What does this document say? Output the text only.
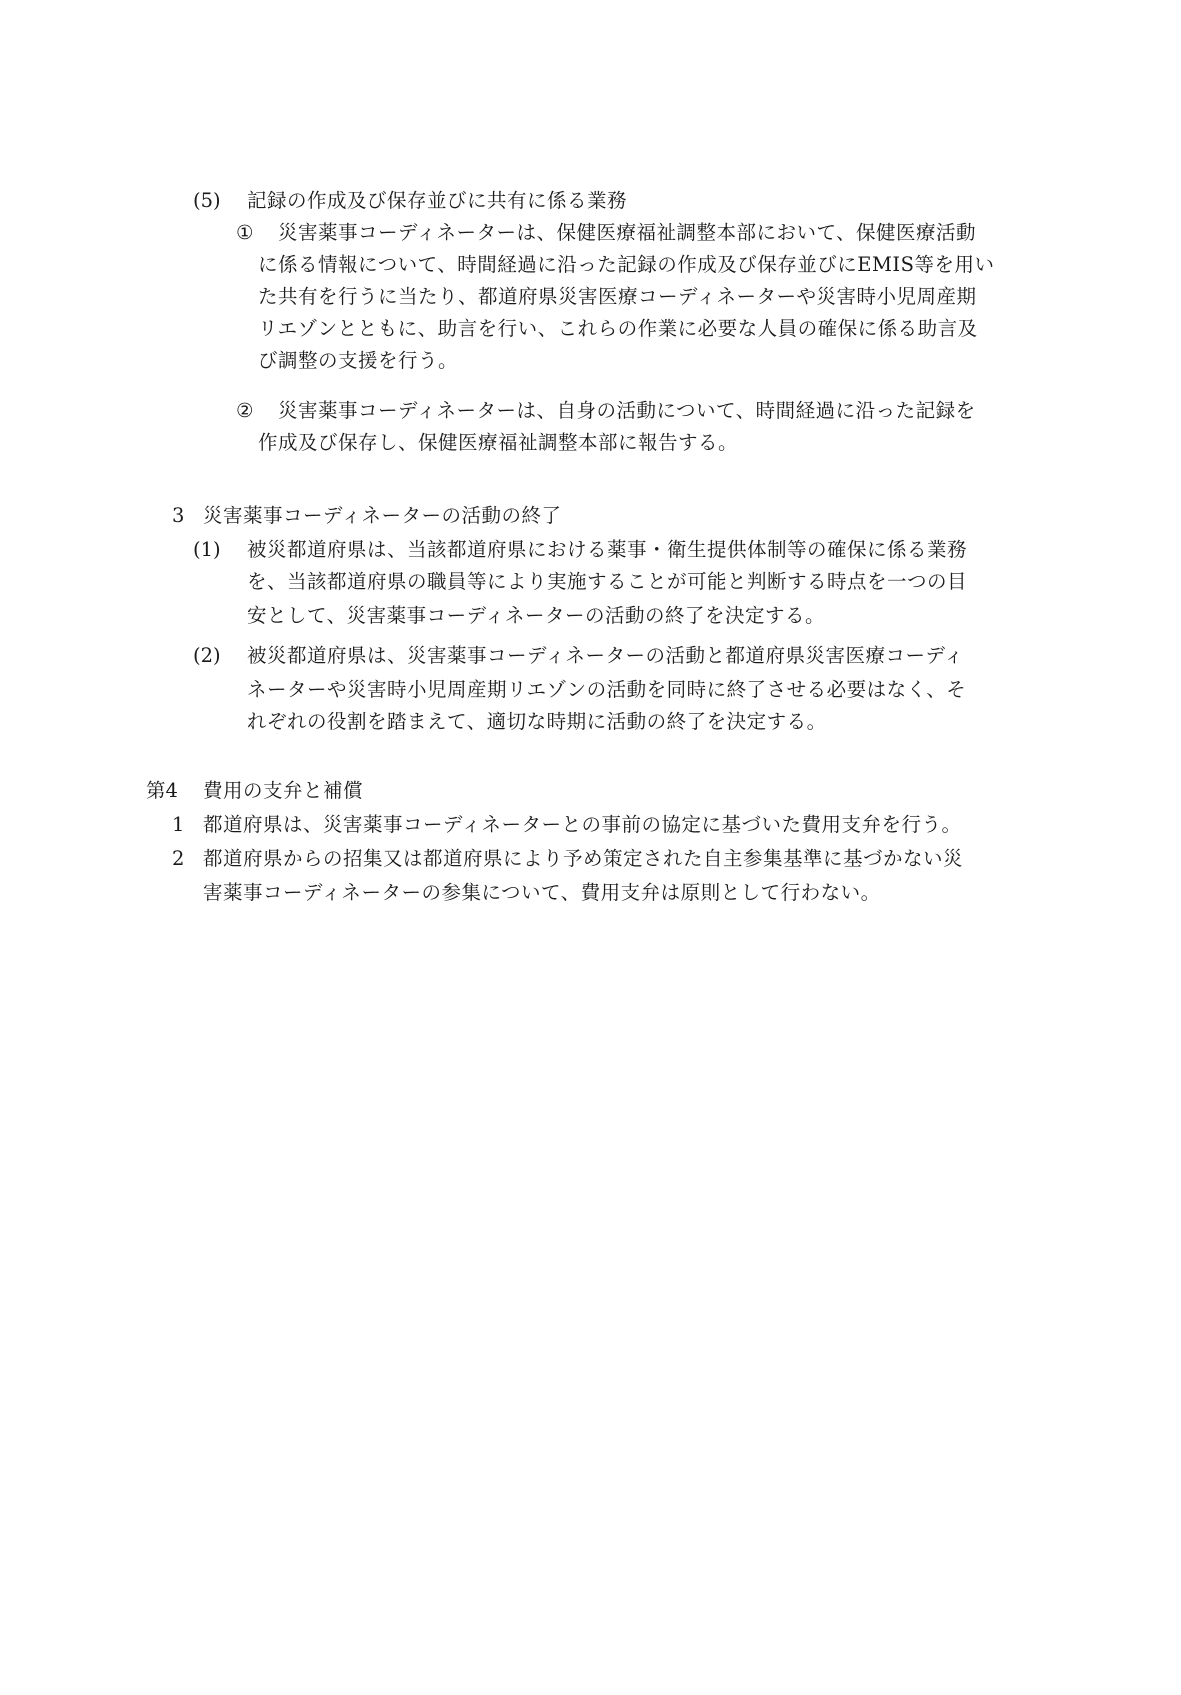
(5) 記録の作成及び保存並びに共有に係る業務
① 災害薬事コーディネーターは、保健医療福祉調整本部において、保健医療活動
に係る情報について、時間経過に沿った記録の作成及び保存並びにEMIS等を用い
た共有を行うに当たり、都道府県災害医療コーディネーターや災害時小児周産期
リエゾンとともに、助言を行い、これらの作業に必要な人員の確保に係る助言及
び調整の支援を行う。
② 災害薬事コーディネーターは、自身の活動について、時間経過に沿った記録を
作成及び保存し、保健医療福祉調整本部に報告する。
3 災害薬事コーディネーターの活動の終了
(1) 被災都道府県は、当該都道府県における薬事・衛生提供体制等の確保に係る業務
を、当該都道府県の職員等により実施することが可能と判断する時点を一つの目
安として、災害薬事コーディネーターの活動の終了を決定する。
(2) 被災都道府県は、災害薬事コーディネーターの活動と都道府県災害医療コーディ
ネーターや災害時小児周産期リエゾンの活動を同時に終了させる必要はなく、そ
れぞれの役割を踏まえて、適切な時期に活動の終了を決定する。
第4 費用の支弁と補償
1 都道府県は、災害薬事コーディネーターとの事前の協定に基づいた費用支弁を行う。
2 都道府県からの招集又は都道府県により予め策定された自主参集基準に基づかない災
害薬事コーディネーターの参集について、費用支弁は原則として行わない。
